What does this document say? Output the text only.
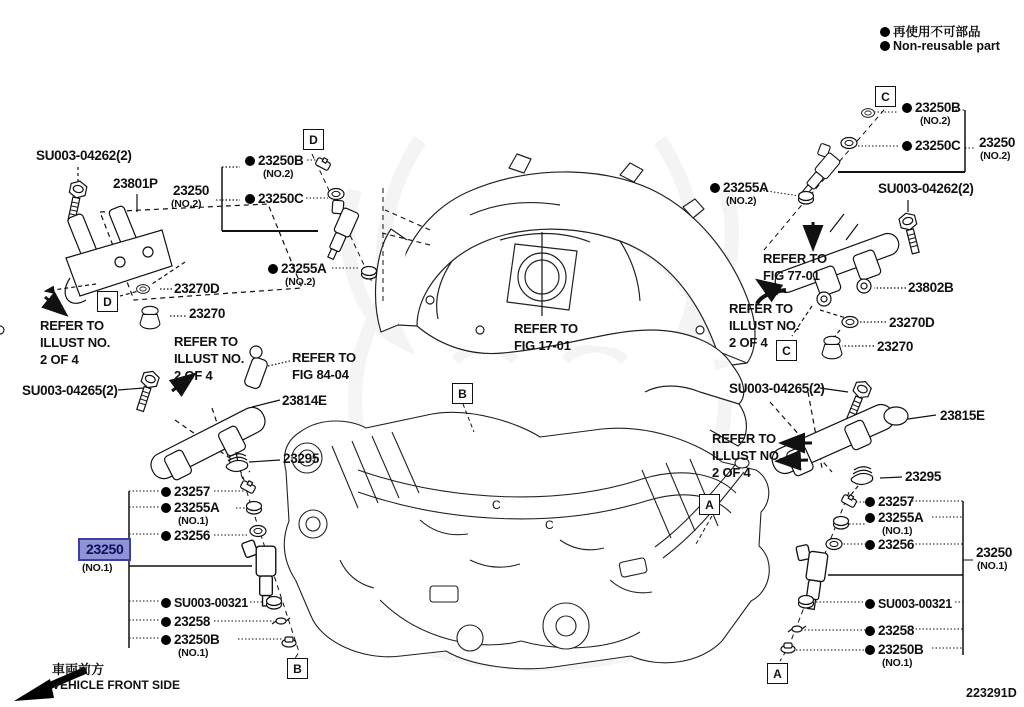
再使用不可部品
Non-reusable part
SU003-04262(2)
23801P 23250
(NO.2)
D
23270D
23270
REFER TO
ILLUST NO.
2 OF 4
SU003-04265(2)
D
23250B
(NO.2)
23250C
23255A
(NO.2)
REFER TO
ILLUST NO.
2 OF 4
REFER TO
FIG 84-04
23814E
23295
23257
23255A
(NO.1)
23256
23250
(NO.1)
SU003-00321
23258
23250B
(NO.1)
B
REFER TO
FIG 17-01
B
C
C
C
23250B
(NO.2)
23250C 23250
(NO.2)
23255A
(NO.2)
SU003-04262(2)
REFER TO
FIG 77-01
23802B
REFER TO
ILLUST NO.
2 OF 4
C
23270D
23270
SU003-04265(2)
23815E
REFER TO
ILLUST NO.
2 OF 4	23295
A	23257
23255A
(NO.1)
23256
23250
(NO.1)
SU003-00321
23258
23250B
(NO.1)
A
車両前方
VEHICLE FRONT SIDE
223291D
